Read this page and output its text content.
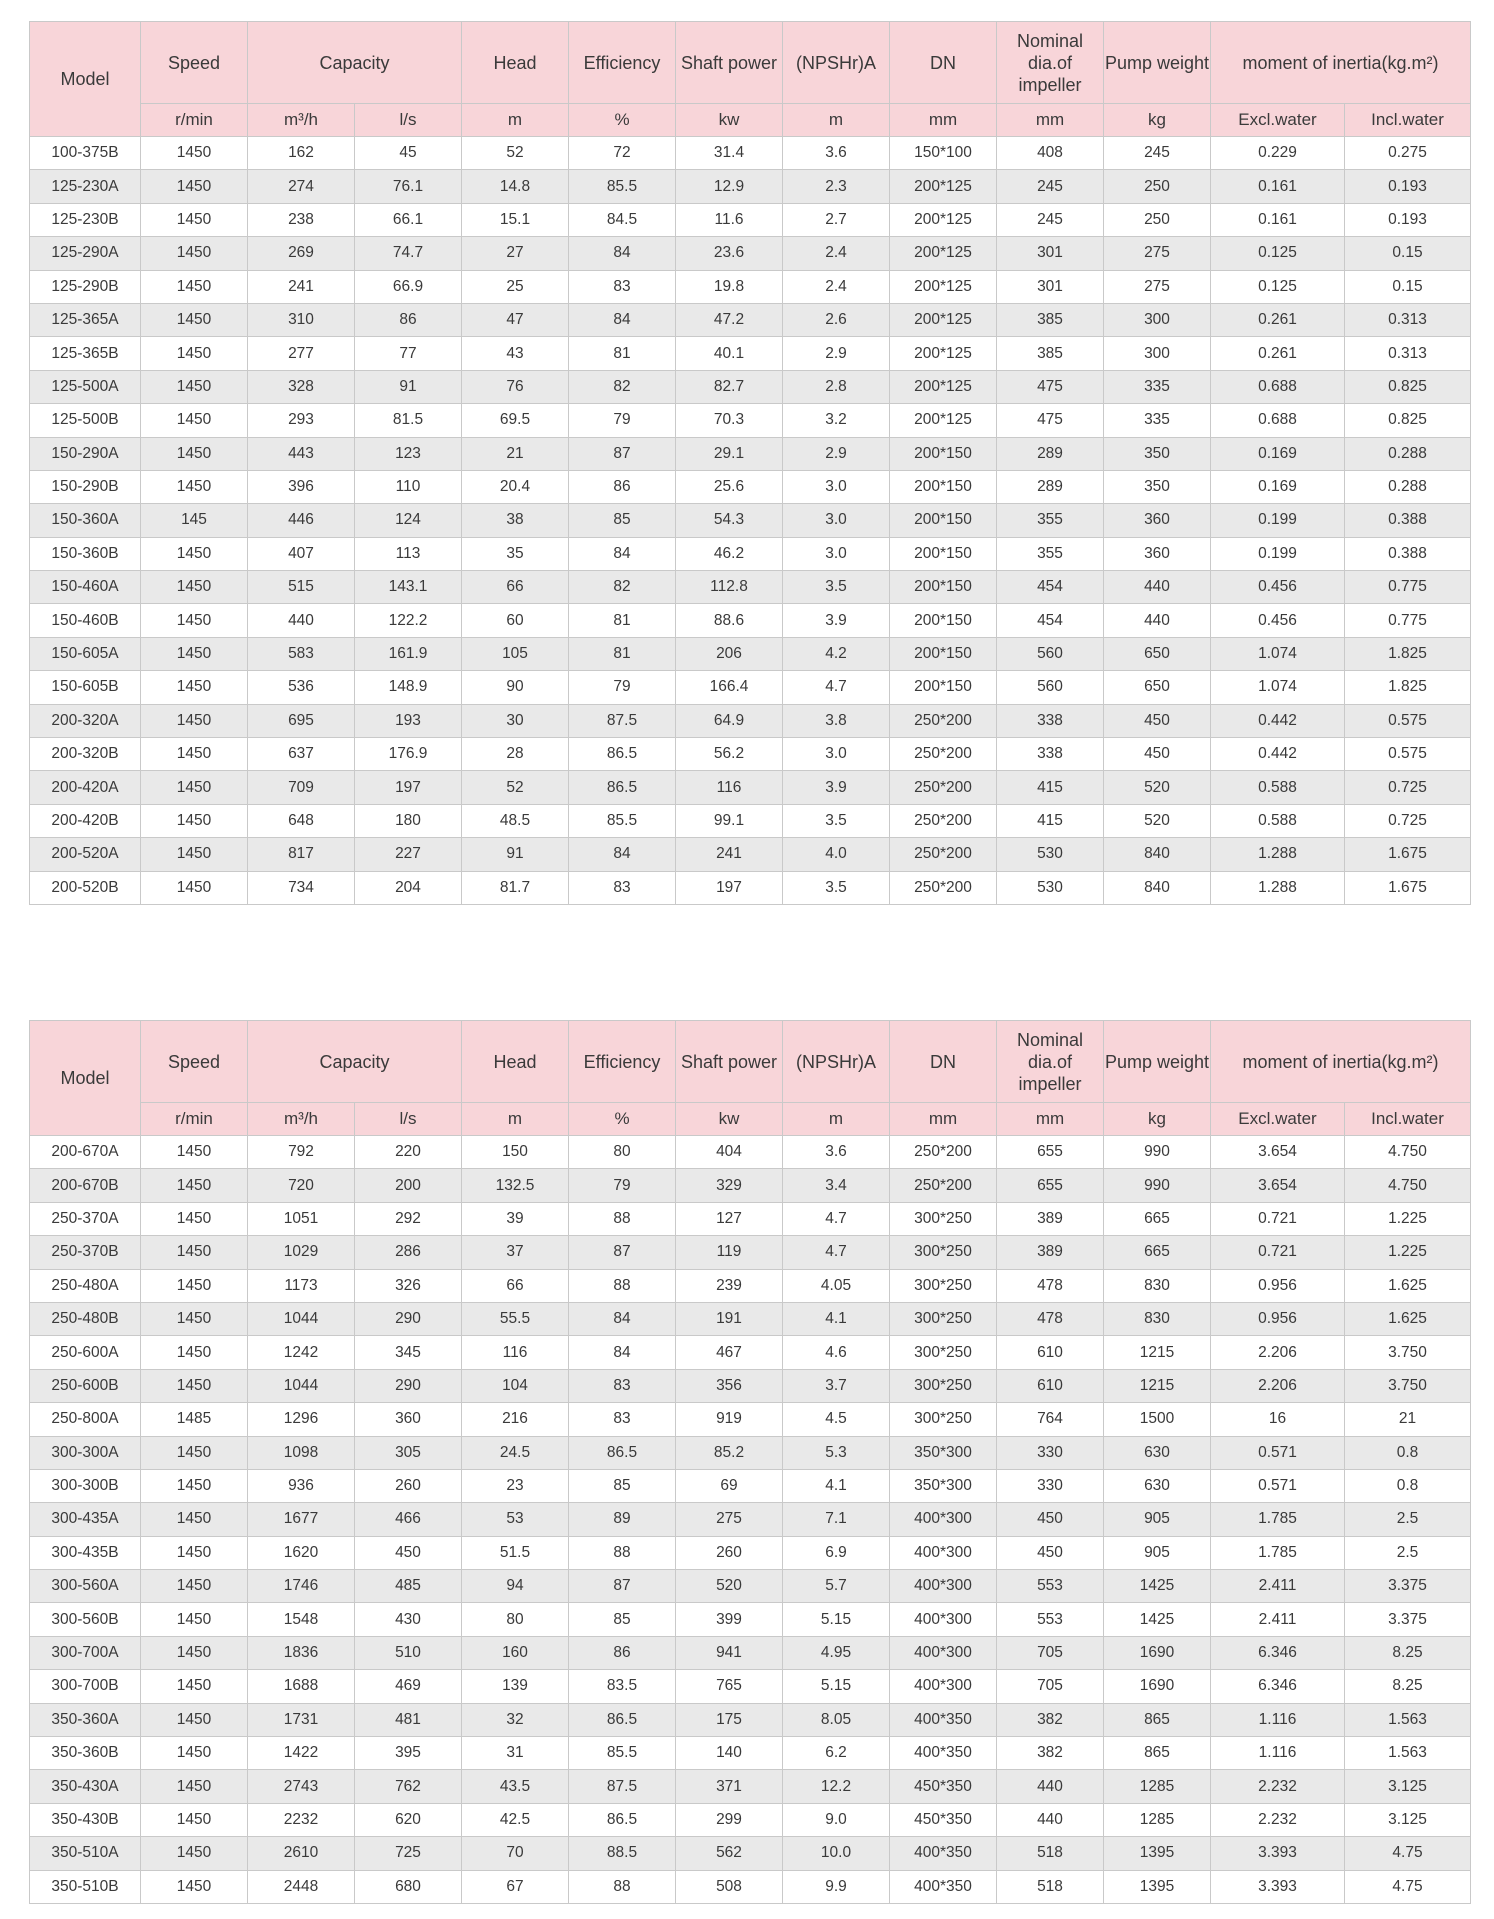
Model	Speed	Capacity		Head	Efficiency	Shaft power	(NPSHr)A	DN	Nominal dia.of impeller	Pump weight	moment of inertia(kg.m²)	
	r/min	m³/h	l/s	m	%	kw	m	mm	mm	kg	Excl.water	Incl.water
100-375B	1450	162	45	52	72	31.4	3.6	150*100	408	245	0.229	0.275
125-230A	1450	274	76.1	14.8	85.5	12.9	2.3	200*125	245	250	0.161	0.193
125-230B	1450	238	66.1	15.1	84.5	11.6	2.7	200*125	245	250	0.161	0.193
125-290A	1450	269	74.7	27	84	23.6	2.4	200*125	301	275	0.125	0.15
125-290B	1450	241	66.9	25	83	19.8	2.4	200*125	301	275	0.125	0.15
125-365A	1450	310	86	47	84	47.2	2.6	200*125	385	300	0.261	0.313
125-365B	1450	277	77	43	81	40.1	2.9	200*125	385	300	0.261	0.313
125-500A	1450	328	91	76	82	82.7	2.8	200*125	475	335	0.688	0.825
125-500B	1450	293	81.5	69.5	79	70.3	3.2	200*125	475	335	0.688	0.825
150-290A	1450	443	123	21	87	29.1	2.9	200*150	289	350	0.169	0.288
150-290B	1450	396	110	20.4	86	25.6	3.0	200*150	289	350	0.169	0.288
150-360A	145	446	124	38	85	54.3	3.0	200*150	355	360	0.199	0.388
150-360B	1450	407	113	35	84	46.2	3.0	200*150	355	360	0.199	0.388
150-460A	1450	515	143.1	66	82	112.8	3.5	200*150	454	440	0.456	0.775
150-460B	1450	440	122.2	60	81	88.6	3.9	200*150	454	440	0.456	0.775
150-605A	1450	583	161.9	105	81	206	4.2	200*150	560	650	1.074	1.825
150-605B	1450	536	148.9	90	79	166.4	4.7	200*150	560	650	1.074	1.825
200-320A	1450	695	193	30	87.5	64.9	3.8	250*200	338	450	0.442	0.575
200-320B	1450	637	176.9	28	86.5	56.2	3.0	250*200	338	450	0.442	0.575
200-420A	1450	709	197	52	86.5	116	3.9	250*200	415	520	0.588	0.725
200-420B	1450	648	180	48.5	85.5	99.1	3.5	250*200	415	520	0.588	0.725
200-520A	1450	817	227	91	84	241	4.0	250*200	530	840	1.288	1.675
200-520B	1450	734	204	81.7	83	197	3.5	250*200	530	840	1.288	1.675
Model	Speed	Capacity		Head	Efficiency	Shaft power	(NPSHr)A	DN	Nominal dia.of impeller	Pump weight	moment of inertia(kg.m²)	
	r/min	m³/h	l/s	m	%	kw	m	mm	mm	kg	Excl.water	Incl.water
200-670A	1450	792	220	150	80	404	3.6	250*200	655	990	3.654	4.750
200-670B	1450	720	200	132.5	79	329	3.4	250*200	655	990	3.654	4.750
250-370A	1450	1051	292	39	88	127	4.7	300*250	389	665	0.721	1.225
250-370B	1450	1029	286	37	87	119	4.7	300*250	389	665	0.721	1.225
250-480A	1450	1173	326	66	88	239	4.05	300*250	478	830	0.956	1.625
250-480B	1450	1044	290	55.5	84	191	4.1	300*250	478	830	0.956	1.625
250-600A	1450	1242	345	116	84	467	4.6	300*250	610	1215	2.206	3.750
250-600B	1450	1044	290	104	83	356	3.7	300*250	610	1215	2.206	3.750
250-800A	1485	1296	360	216	83	919	4.5	300*250	764	1500	16	21
300-300A	1450	1098	305	24.5	86.5	85.2	5.3	350*300	330	630	0.571	0.8
300-300B	1450	936	260	23	85	69	4.1	350*300	330	630	0.571	0.8
300-435A	1450	1677	466	53	89	275	7.1	400*300	450	905	1.785	2.5
300-435B	1450	1620	450	51.5	88	260	6.9	400*300	450	905	1.785	2.5
300-560A	1450	1746	485	94	87	520	5.7	400*300	553	1425	2.411	3.375
300-560B	1450	1548	430	80	85	399	5.15	400*300	553	1425	2.411	3.375
300-700A	1450	1836	510	160	86	941	4.95	400*300	705	1690	6.346	8.25
300-700B	1450	1688	469	139	83.5	765	5.15	400*300	705	1690	6.346	8.25
350-360A	1450	1731	481	32	86.5	175	8.05	400*350	382	865	1.116	1.563
350-360B	1450	1422	395	31	85.5	140	6.2	400*350	382	865	1.116	1.563
350-430A	1450	2743	762	43.5	87.5	371	12.2	450*350	440	1285	2.232	3.125
350-430B	1450	2232	620	42.5	86.5	299	9.0	450*350	440	1285	2.232	3.125
350-510A	1450	2610	725	70	88.5	562	10.0	400*350	518	1395	3.393	4.75
350-510B	1450	2448	680	67	88	508	9.9	400*350	518	1395	3.393	4.75
